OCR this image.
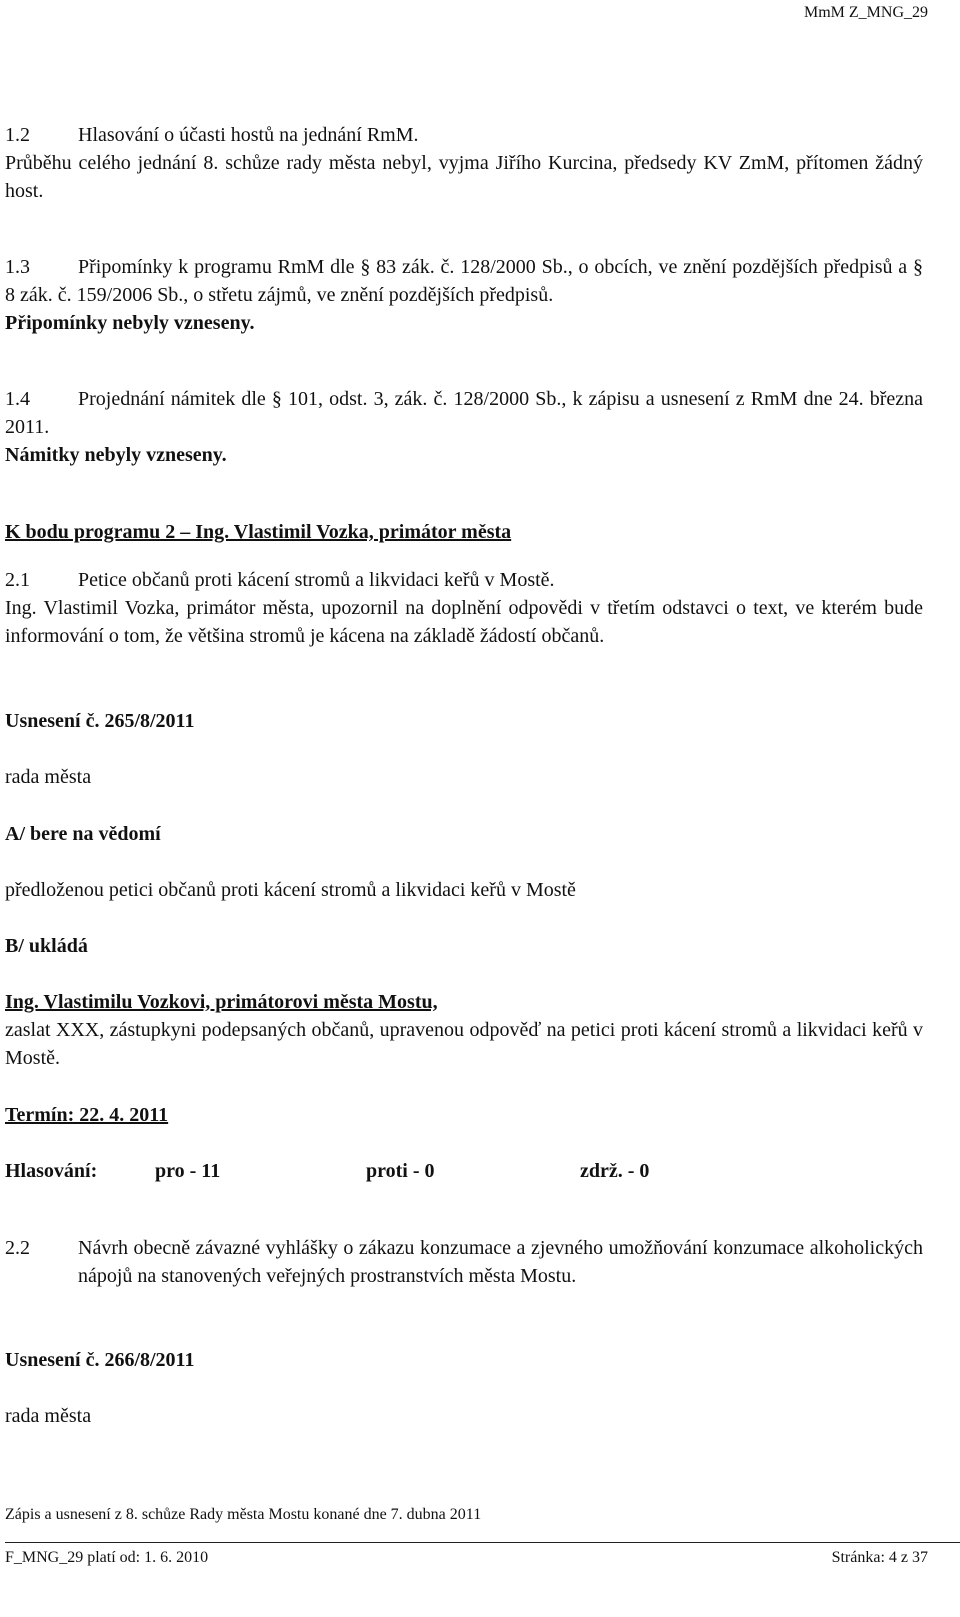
MmM Z_MNG_29
1.2 Hlasování o účasti hostů na jednání RmM.
Průběhu celého jednání 8. schůze rady města nebyl, vyjma Jiřího Kurcina, předsedy KV ZmM, přítomen žádný host.
1.3	Připomínky k programu RmM dle § 83 zák. č. 128/2000 Sb., o obcích, ve znění pozdějších předpisů a § 8 zák. č. 159/2006 Sb., o střetu zájmů, ve znění pozdějších předpisů.
Připomínky nebyly vzneseny.
1.4	Projednání námitek dle § 101, odst. 3, zák. č. 128/2000 Sb., k zápisu a usnesení z RmM dne 24. března 2011.
Námitky nebyly vzneseny.
K bodu programu 2 – Ing. Vlastimil Vozka, primátor města
2.1 Petice občanů proti kácení stromů a likvidaci keřů v Mostě.
Ing. Vlastimil Vozka, primátor města, upozornil na doplnění odpovědi v třetím odstavci o text, ve kterém bude informování o tom, že většina stromů je kácena na základě žádostí občanů.
Usnesení č. 265/8/2011
rada města
A/ bere na vědomí
předloženou petici občanů proti kácení stromů a likvidaci keřů v Mostě
B/ ukládá
Ing. Vlastimilu Vozkovi, primátorovi města Mostu,
zaslat XXX, zástupkyni podepsaných občanů, upravenou odpověď na petici proti kácení stromů a likvidaci keřů v Mostě.
Termín: 22. 4. 2011
Hlasování:	pro - 11	proti - 0	zdrž. - 0
2.2 Návrh obecně závazné vyhlášky o zákazu konzumace a zjevného umožňování konzumace alkoholických nápojů na stanovených veřejných prostranstvích města Mostu.
Usnesení č. 266/8/2011
rada města
Zápis a usnesení z 8. schůze Rady města Mostu konané dne 7. dubna 2011
F_MNG_29 platí od: 1. 6. 2010	Stránka: 4 z 37
